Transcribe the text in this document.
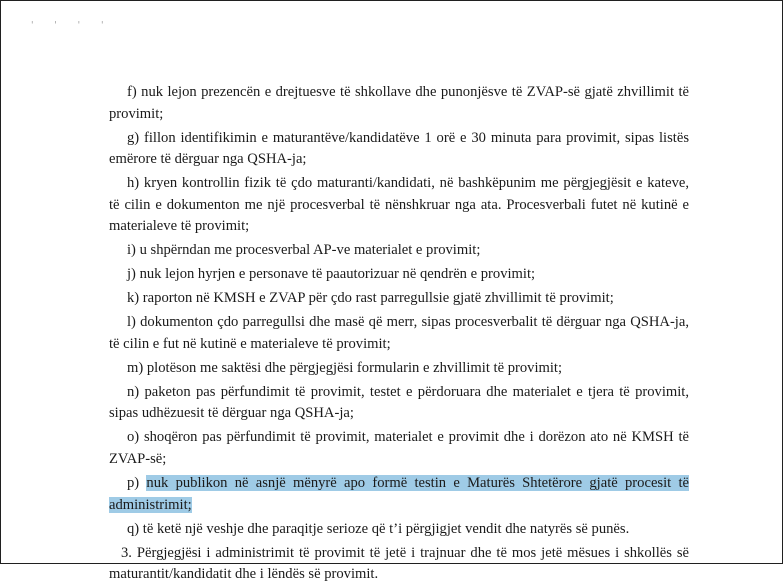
' ' ' '

f) nuk lejon prezencën e drejtuesve të shkollave dhe punonjësve të ZVAP-së gjatë zhvillimit të provimit;

g) fillon identifikimin e maturantëve/kandidatëve 1 orë e 30 minuta para provimit, sipas listës emërore të dërguar nga QSHA-ja;

h) kryen kontrollin fizik të çdo maturanti/kandidati, në bashkëpunim me përgjegjësit e kateve, të cilin e dokumenton me një procesverbal të nënshkruar nga ata. Procesverbali futet në kutinë e materialeve të provimit;

i) u shpërndan me procesverbal AP-ve materialet e provimit;

j) nuk lejon hyrjen e personave të paautorizuar në qendrën e provimit;

k) raporton në KMSH e ZVAP për çdo rast parregullsie gjatë zhvillimit të provimit;

l) dokumenton çdo parregullsi dhe masë që merr, sipas procesverbalit të dërguar nga QSHA-ja, të cilin e fut në kutinë e materialeve të provimit;

m) plotëson me saktësi dhe përgjegjësi formularin e zhvillimit të provimit;

n) paketon pas përfundimit të provimit, testet e përdoruara dhe materialet e tjera të provimit, sipas udhëzuesit të dërguar nga QSHA-ja;

o) shoqëron pas përfundimit të provimit, materialet e provimit dhe i dorëzon ato në KMSH të ZVAP-së;

p) nuk publikon në asnjë mënyrë apo formë testin e Maturës Shtetërore gjatë procesit të administrimit;

q) të ketë një veshje dhe paraqitje serioze që t’i përgjigjet vendit dhe natyrës së punës.

3. Përgjegjësi i administrimit të provimit të jetë i trajnuar dhe të mos jetë mësues i shkollës së maturantit/kandidatit dhe i lëndës së provimit.
